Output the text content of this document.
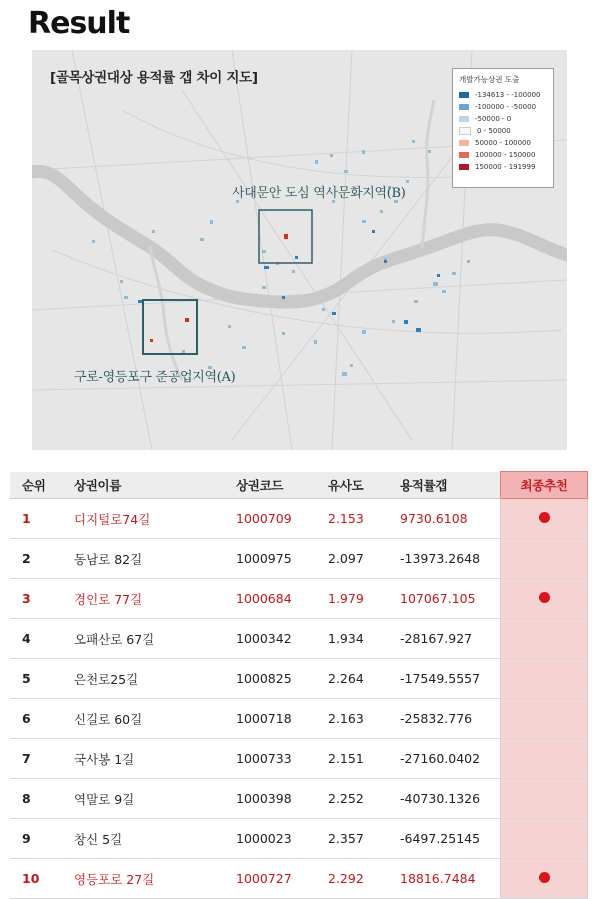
Result
[골목상권대상 용적률 갭 차이 지도]
사대문안 도심 역사문화지역(B)
구로-영등포구 준공업지역(A)
개발가능상권 도출
-134613 - -100000
-100000 - -50000
-50000 - 0
0 - 50000
50000 - 100000
100000 - 150000
150000 - 191999
순위	상권이름	상권코드	유사도	용적률갭	최종추천
1	디지털로74길	1000709	2.153	9730.6108	
2	동남로 82길	1000975	2.097	-13973.2648	
3	경인로 77길	1000684	1.979	107067.105	
4	오패산로 67길	1000342	1.934	-28167.927	
5	은천로25길	1000825	2.264	-17549.5557	
6	신길로 60길	1000718	2.163	-25832.776	
7	국사봉 1길	1000733	2.151	-27160.0402	
8	역말로 9길	1000398	2.252	-40730.1326	
9	창신 5길	1000023	2.357	-6497.25145	
10	영등포로 27길	1000727	2.292	18816.7484	
